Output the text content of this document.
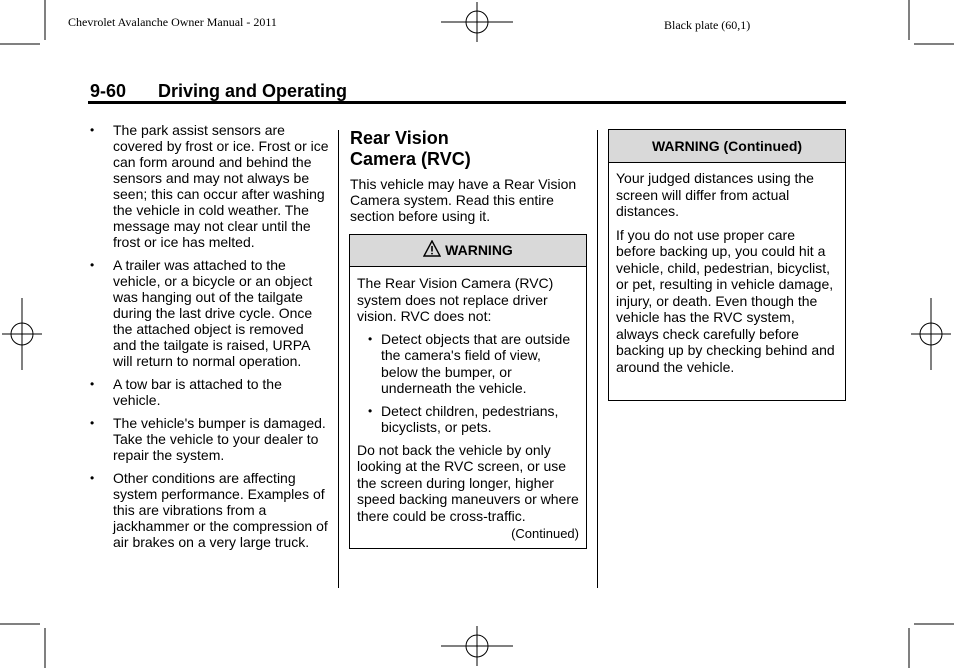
Chevrolet Avalanche Owner Manual - 2011	Black plate (60,1)
9-60 Driving and Operating
• The park assist sensors are covered by frost or ice. Frost or ice can form around and behind the sensors and may not always be seen; this can occur after washing the vehicle in cold weather. The message may not clear until the frost or ice has melted.
• A trailer was attached to the vehicle, or a bicycle or an object was hanging out of the tailgate during the last drive cycle. Once the attached object is removed and the tailgate is raised, URPA will return to normal operation.
• A tow bar is attached to the vehicle.
• The vehicle's bumper is damaged. Take the vehicle to your dealer to repair the system.
• Other conditions are affecting system performance. Examples of this are vibrations from a jackhammer or the compression of air brakes on a very large truck.
Rear Vision
Camera (RVC)

This vehicle may have a Rear Vision Camera system. Read this entire section before using it.

WARNING

The Rear Vision Camera (RVC) system does not replace driver vision. RVC does not:

• Detect objects that are outside the camera's field of view, below the bumper, or underneath the vehicle.
• Detect children, pedestrians, bicyclists, or pets.

Do not back the vehicle by only looking at the RVC screen, or use the screen during longer, higher speed backing maneuvers or where there could be cross-traffic.

(Continued)
WARNING (Continued)

Your judged distances using the screen will differ from actual distances.

If you do not use proper care before backing up, you could hit a vehicle, child, pedestrian, bicyclist, or pet, resulting in vehicle damage, injury, or death. Even though the vehicle has the RVC system, always check carefully before backing up by checking behind and around the vehicle.
